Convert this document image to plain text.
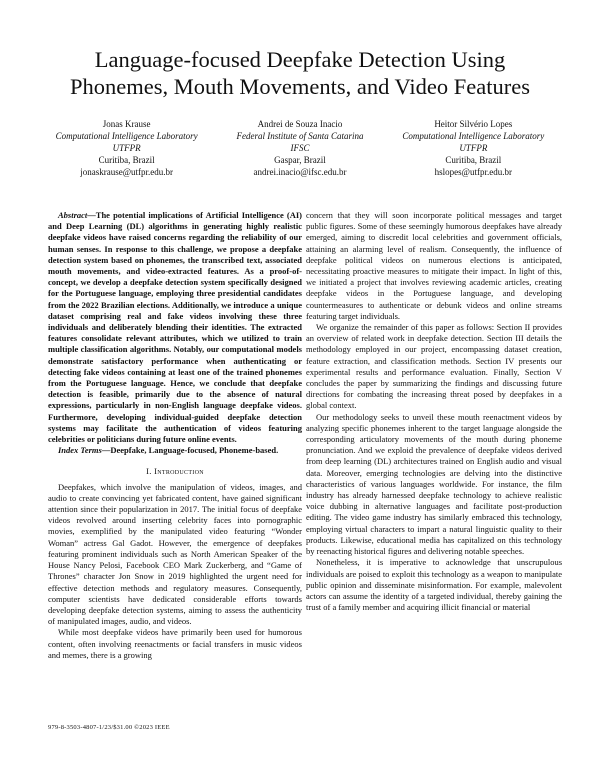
Language-focused Deepfake Detection Using
Phonemes, Mouth Movements, and Video Features
Jonas Krause
Computational Intelligence Laboratory
UTFPR
Curitiba, Brazil
jonaskrause@utfpr.edu.br
Andrei de Souza Inacio
Federal Institute of Santa Catarina
IFSC
Gaspar, Brazil
andrei.inacio@ifsc.edu.br
Heitor Silvério Lopes
Computational Intelligence Laboratory
UTFPR
Curitiba, Brazil
hslopes@utfpr.edu.br

Abstract—The potential implications of Artificial Intelligence (AI) and Deep Learning (DL) algorithms in generating highly realistic deepfake videos have raised concerns regarding the reliability of our human senses. In response to this challenge, we propose a deepfake detection system based on phonemes, the transcribed text, associated mouth movements, and video-extracted features. As a proof-of-concept, we develop a deepfake detection system specifically designed for the Portuguese language, employing three presidential candidates from the 2022 Brazilian elections. Additionally, we introduce a unique dataset comprising real and fake videos involving these three individuals and deliberately blending their identities. The extracted features consolidate relevant attributes, which we utilized to train multiple classification algorithms. Notably, our computational models demonstrate satisfactory performance when authenticating or detecting fake videos containing at least one of the trained phonemes from the Portuguese language. Hence, we conclude that deepfake detection is feasible, primarily due to the absence of natural expressions, particularly in non-English language deepfake videos. Furthermore, developing individual-guided deepfake detection systems may facilitate the authentication of videos featuring celebrities or politicians during future online events.

Index Terms—Deepfake, Language-focused, Phoneme-based.

I. Introduction

Deepfakes, which involve the manipulation of videos, images, and audio to create convincing yet fabricated content, have gained significant attention since their popularization in 2017. The initial focus of deepfake videos revolved around inserting celebrity faces into pornographic movies, exemplified by the manipulated video featuring “Wonder Woman” actress Gal Gadot. However, the emergence of deepfakes featuring prominent individuals such as North American Speaker of the House Nancy Pelosi, Facebook CEO Mark Zuckerberg, and “Game of Thrones” character Jon Snow in 2019 highlighted the urgent need for effective detection methods and regulatory measures. Consequently, computer scientists have dedicated considerable efforts towards developing deepfake detection systems, aiming to assess the authenticity of manipulated images, audio, and videos.

While most deepfake videos have primarily been used for humorous content, often involving reenactments or facial transfers in music videos and memes, there is a growing

concern that they will soon incorporate political messages and target public figures. Some of these seemingly humorous deepfakes have already emerged, aiming to discredit local celebrities and government officials, attaining an alarming level of realism. Consequently, the influence of deepfake political videos on numerous elections is anticipated, necessitating proactive measures to mitigate their impact. In light of this, we initiated a project that involves reviewing academic articles, creating deepfake videos in the Portuguese language, and developing countermeasures to authenticate or debunk videos and online streams featuring target individuals.

We organize the remainder of this paper as follows: Section II provides an overview of related work in deepfake detection. Section III details the methodology employed in our project, encompassing dataset creation, feature extraction, and classification methods. Section IV presents our experimental results and performance evaluation. Finally, Section V concludes the paper by summarizing the findings and discussing future directions for combating the increasing threat posed by deepfakes in a global context.

Our methodology seeks to unveil these mouth reenactment videos by analyzing specific phonemes inherent to the target language alongside the corresponding articulatory movements of the mouth during phoneme pronunciation. And we exploid the prevalence of deepfake videos derived from deep learning (DL) architectures trained on English audio and visual data. Moreover, emerging technologies are delving into the distinctive characteristics of various languages worldwide. For instance, the film industry has already harnessed deepfake technology to achieve realistic voice dubbing in alternative languages and facilitate post-production editing. The video game industry has similarly embraced this technology, employing virtual characters to impart a natural linguistic quality to their products. Likewise, educational media has capitalized on this technology by reenacting historical figures and delivering notable speeches.

Nonetheless, it is imperative to acknowledge that unscrupulous individuals are poised to exploit this technology as a weapon to manipulate public opinion and disseminate misinformation. For example, malevolent actors can assume the identity of a targeted individual, thereby gaining the trust of a family member and acquiring illicit financial or material

979-8-3503-4807-1/23/$31.00 ©2023 IEEE
